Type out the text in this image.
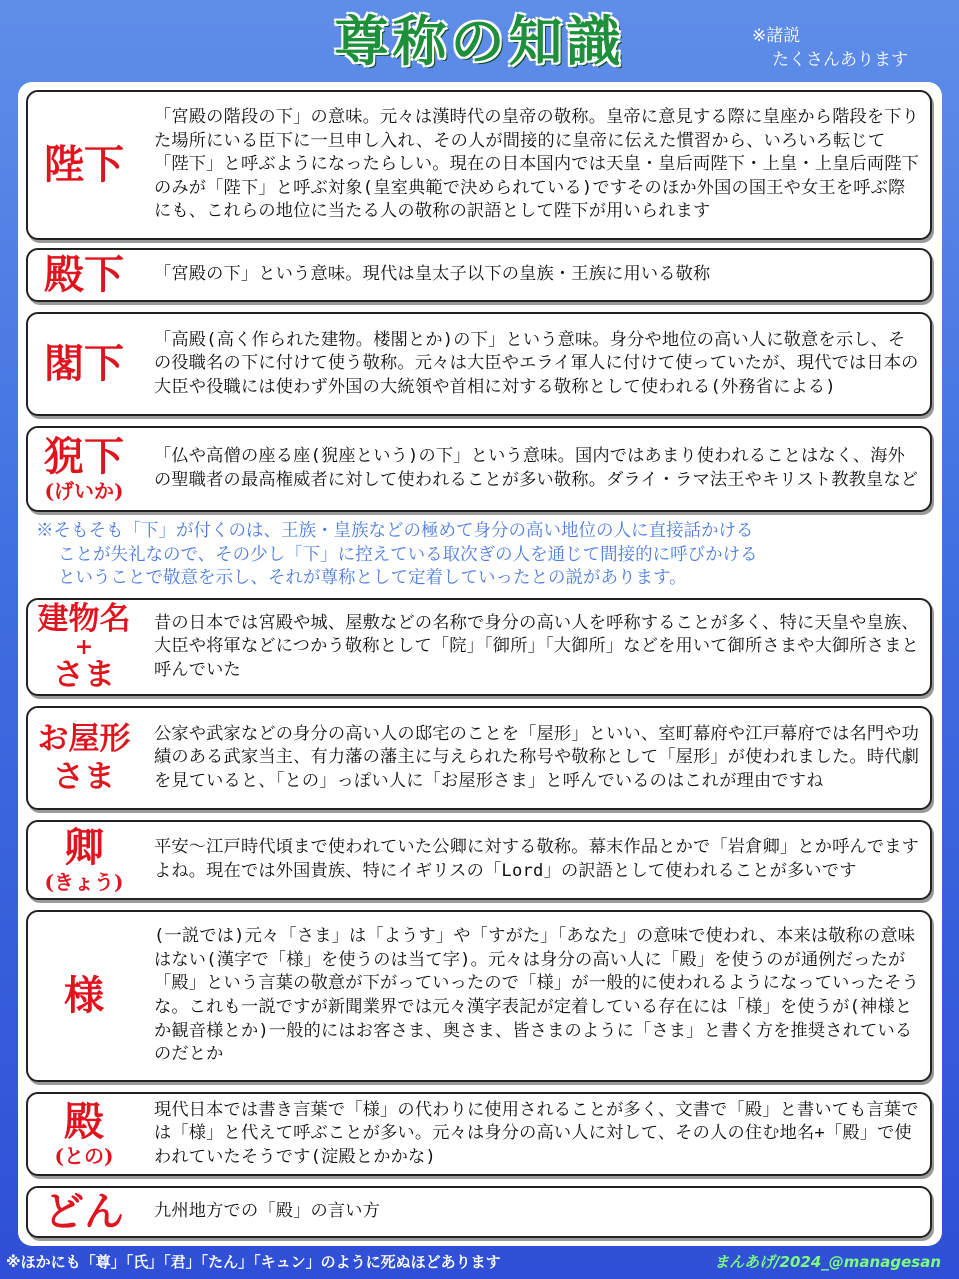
尊称の知識	※諸説
たくさんあります
陛下
「宮殿の階段の下」の意味。元々は漢時代の皇帝の敬称。皇帝に意見する際に皇座から階段を下りた場所にいる臣下に一旦申し入れ、その人が間接的に皇帝に伝えた慣習から、いろいろ転じて「陛下」と呼ぶようになったらしい。現在の日本国内では天皇・皇后両陛下・上皇・上皇后両陛下のみが「陛下」と呼ぶ対象(皇室典範で決められている)ですそのほか外国の国王や女王を呼ぶ際にも、これらの地位に当たる人の敬称の訳語として陛下が用いられます
殿下 「宮殿の下」という意味。現代は皇太子以下の皇族・王族に用いる敬称
閣下
「高殿(高く作られた建物。楼閣とか)の下」という意味。身分や地位の高い人に敬意を示し、その役職名の下に付けて使う敬称。元々は大臣やエライ軍人に付けて使っていたが、現代では日本の大臣や役職には使わず外国の大統領や首相に対する敬称として使われる(外務省による)
猊下
(げいか)
「仏や高僧の座る座(猊座という)の下」という意味。国内ではあまり使われることはなく、海外の聖職者の最高権威者に対して使われることが多い敬称。ダライ・ラマ法王やキリスト教教皇など
※そもそも「下」が付くのは、王族・皇族などの極めて身分の高い地位の人に直接話かける
ことが失礼なので、その少し「下」に控えている取次ぎの人を通じて間接的に呼びかける
ということで敬意を示し、それが尊称として定着していったとの説があります。
建物名
+
さま
昔の日本では宮殿や城、屋敷などの名称で身分の高い人を呼称することが多く、特に天皇や皇族、大臣や将軍などにつかう敬称として「院」「御所」「大御所」などを用いて御所さまや大御所さまと呼んでいた
お屋形
さま
公家や武家などの身分の高い人の邸宅のことを「屋形」といい、室町幕府や江戸幕府では名門や功績のある武家当主、有力藩の藩主に与えられた称号や敬称として「屋形」が使われました。時代劇を見ていると、「との」っぽい人に「お屋形さま」と呼んでいるのはこれが理由ですね
卿
(きょう)
平安〜江戸時代頃まで使われていた公卿に対する敬称。幕末作品とかで「岩倉卿」とか呼んでますよね。現在では外国貴族、特にイギリスの「Lord」の訳語として使われることが多いです
様
(一説では)元々「さま」は「ようす」や「すがた」「あなた」の意味で使われ、本来は敬称の意味はない(漢字で「様」を使うのは当て字)。元々は身分の高い人に「殿」を使うのが通例だったが「殿」という言葉の敬意が下がっていったので「様」が一般的に使われるようになっていったそうな。これも一説ですが新聞業界では元々漢字表記が定着している存在には「様」を使うが(神様とか観音様とか)一般的にはお客さま、奥さま、皆さまのように「さま」と書く方を推奨されているのだとか
殿
(との)
現代日本では書き言葉で「様」の代わりに使用されることが多く、文書で「殿」と書いても言葉では「様」と代えて呼ぶことが多い。元々は身分の高い人に対して、その人の住む地名+「殿」で使われていたそうです(淀殿とかかな)
どん 九州地方での「殿」の言い方
※ほかにも「尊」「氏」「君」「たん」「キュン」のように死ぬほどあります	まんあげ/2024_@managesan
